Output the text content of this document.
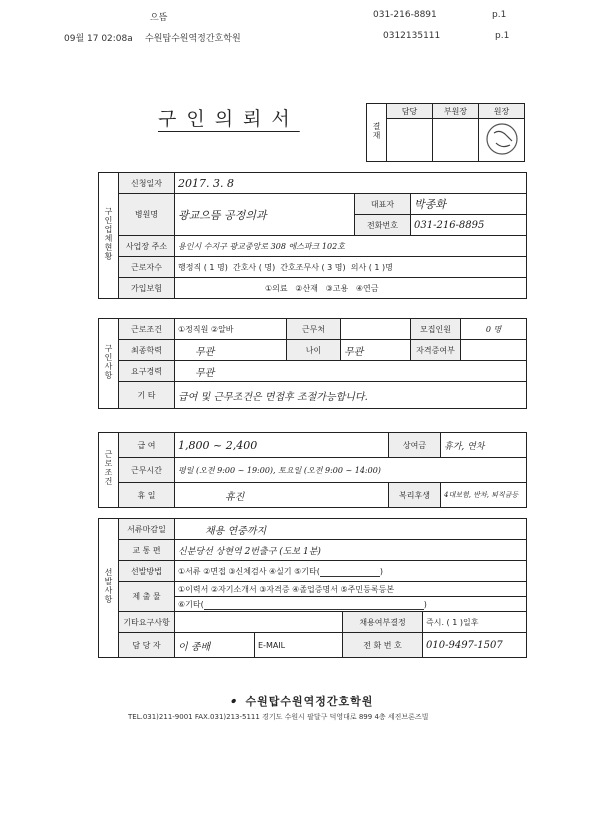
으뜸	031-216-8891	p.1
09월 17 02:08a 수원탑수원역정간호학원	0312135111	p.1
구인의뢰서
결재	담당	부원장	원장

구인업체현황	신청일자	2017. 3. 8		
	병원명	광교으뜸 공정의과	대표자	박종화
			전화번호	031-216-8895
	사업장 주소	용인시 수지구 광교중앙로 308 에스파크 102호		
	근로자수	행정직 ( 1 명) 간호사 ( 명) 간호조무사 ( 3 명) 의사 ( 1 )명		
	가입보험	①의료 ②산재 ③고용 ④연금		
구인사항	근로조건	①정직원 ②알바	근무처		모집인원	0 명
	최종학력	무관	나이	무관	자격증여부	
	요구경력	무관				
	기 타	급여 및 근무조건은 면접후 조절가능합니다.				
근로조건	급 여	1,800 ~ 2,400	상여금	휴가, 연차
	근무시간	평일 (오전 9:00 ~ 19:00), 토요일 (오전 9:00 ~ 14:00)		
	휴 일	휴진	복리후생	4대보험, 반차, 퇴직금등
선발사항	서류마감일	채용 연중까지			
	교 통 편	신분당선 상현역 2번출구 (도보 1분)			
	선발방법	①서류 ②면접 ③신체검사 ④실기 ⑤기타( )			
	제 출 물	①이력서 ②자기소개서 ③자격증 ④졸업증명서 ⑤주민등록등본			
		⑥기타( )			
	기타요구사항			채용여부결정	즉시. ( 1 )일후
	담 당 자	이 종배	E-MAIL	전 화 번 호	010-9497-1507
ꔷ 수원탑수원역정간호학원
TEL.031)211-9001 FAX.031)213-5111 경기도 수원시 팔달구 덕영대로 899 4층 세진브론즈빌
